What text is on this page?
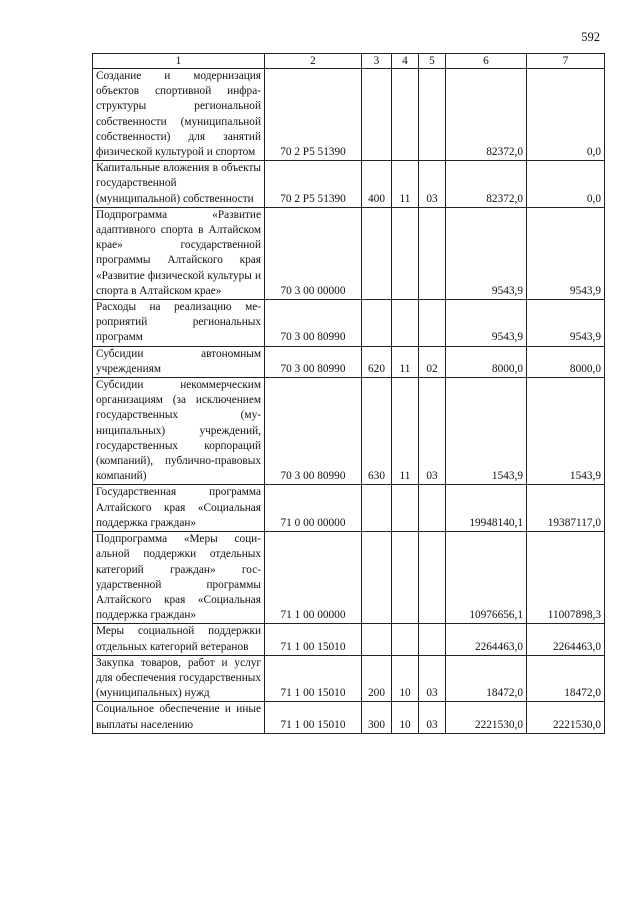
592
1	2	3	4	5	6	7
Создание и модернизация объектов спортивной инфраструктуры региональной собственности (муниципальной собственности) для занятий физической культурой и спортом	70 2 P5 51390				82372,0	0,0
Капитальные вложения в объекты государственной (муниципальной) собственности	70 2 P5 51390	400	11	03	82372,0	0,0
Подпрограмма «Развитие адаптивного спорта в Алтайском крае» государственной программы Алтайского края «Развитие физической культуры и спорта в Алтайском крае»	70 3 00 00000				9543,9	9543,9
Расходы на реализацию мероприятий региональных программ	70 3 00 80990				9543,9	9543,9
Субсидии автономным учреждениям	70 3 00 80990	620	11	02	8000,0	8000,0
Субсидии некоммерческим организациям (за исключением государственных (муниципальных) учреждений, государственных корпораций (компаний), публично-правовых компаний)	70 3 00 80990	630	11	03	1543,9	1543,9
Государственная программа Алтайского края «Социальная поддержка граждан»	71 0 00 00000				19948140,1	19387117,0
Подпрограмма «Меры социальной поддержки отдельных категорий граждан» государственной программы Алтайского края «Социальная поддержка граждан»	71 1 00 00000				10976656,1	11007898,3
Меры социальной поддержки отдельных категорий ветеранов	71 1 00 15010				2264463,0	2264463,0
Закупка товаров, работ и услуг для обеспечения государственных (муниципальных) нужд	71 1 00 15010	200	10	03	18472,0	18472,0
Социальное обеспечение и иные выплаты населению	71 1 00 15010	300	10	03	2221530,0	2221530,0
